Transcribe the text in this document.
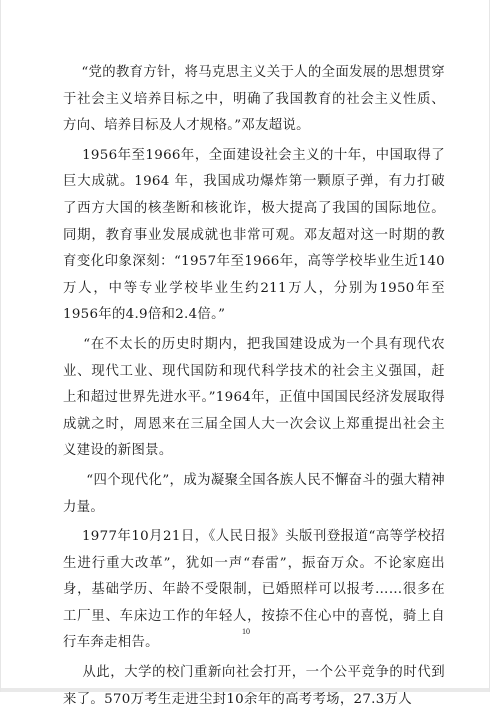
“党的教育方针，将马克思主义关于人的全面发展的思想贯穿于社会主义培养目标之中，明确了我国教育的社会主义性质、方向、培养目标及人才规格。”邓友超说。

1956年至1966年，全面建设社会主义的十年，中国取得了巨大成就。1964 年，我国成功爆炸第一颗原子弹，有力打破了西方大国的核垄断和核讹诈，极大提高了我国的国际地位。同期，教育事业发展成就也非常可观。邓友超对这一时期的教育变化印象深刻：“1957年至1966年，高等学校毕业生近140万人，中等专业学校毕业生约211万人，分别为1950年至1956年的4.9倍和2.4倍。”

“在不太长的历史时期内，把我国建设成为一个具有现代农业、现代工业、现代国防和现代科学技术的社会主义强国，赶上和超过世界先进水平。”1964年，正值中国国民经济发展取得成就之时，周恩来在三届全国人大一次会议上郑重提出社会主义建设的新图景。

“四个现代化”，成为凝聚全国各族人民不懈奋斗的强大精神力量。

1977年10月21日，《人民日报》头版刊登报道“高等学校招生进行重大改革”，犹如一声“春雷”，振奋万众。不论家庭出身，基础学历、年龄不受限制，已婚照样可以报考……很多在工厂里、车床边工作的年轻人，按捺不住心中的喜悦，骑上自行车奔走相告。

从此，大学的校门重新向社会打开，一个公平竞争的时代到来了。570万考生走进尘封10余年的高考考场，27.3万人

10
